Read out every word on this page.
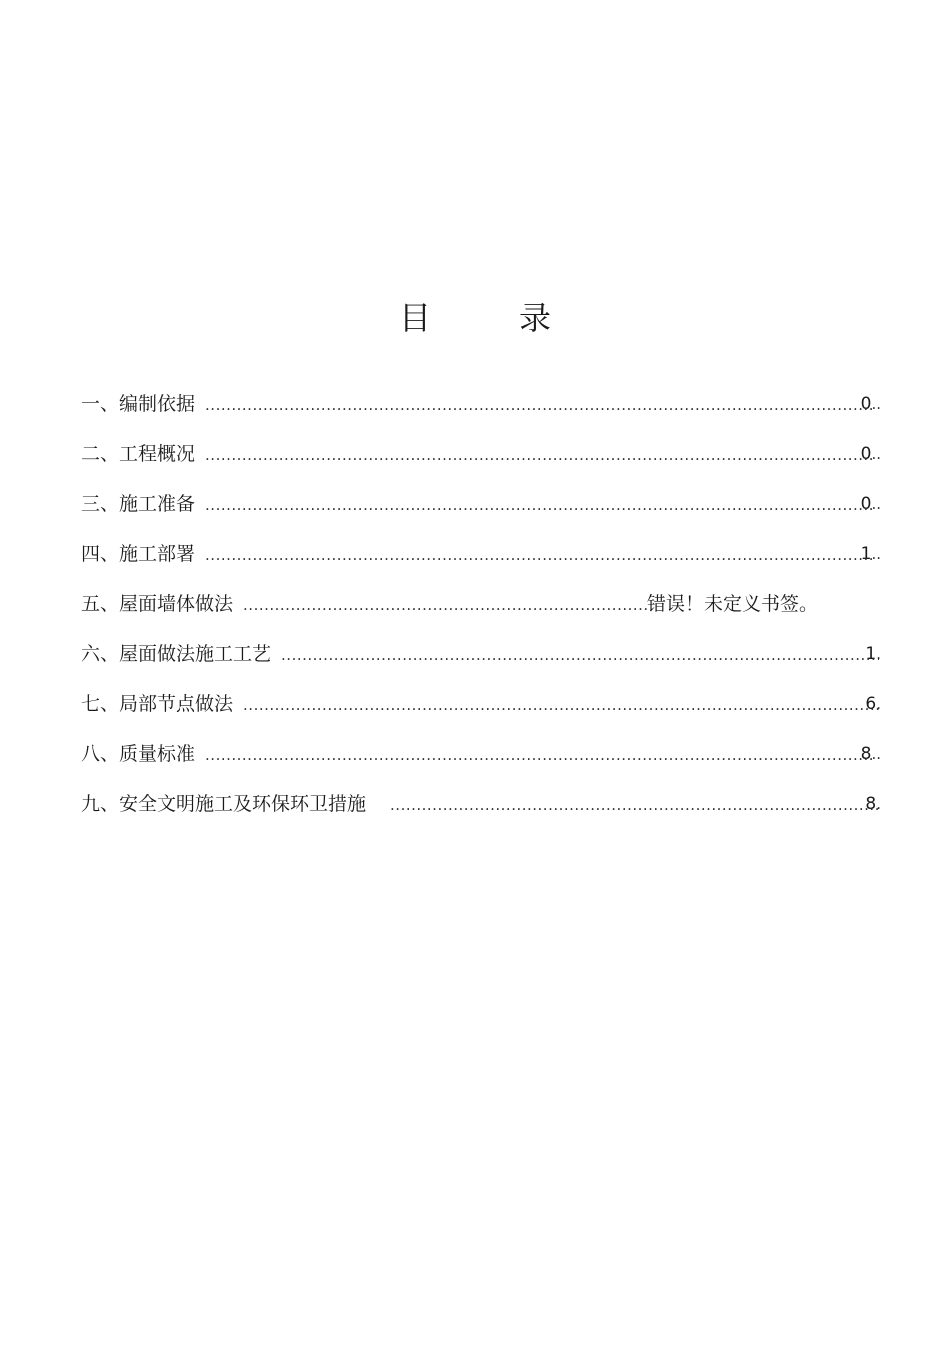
目	录
一、 编制依据 .....	0..
二、 工程概况 .....	0..
三、 施工准备 .....	0..
四、 施工部署 .....	1..
五、 屋面墙体做法 .....	错误！未定义书签。
六、 屋面做法施工工艺 .....	1.
七、 局部节点做法 .....	6.
八、 质量标准 .....	8..
九、 安全文明施工及环保环卫措施 .....	8.
